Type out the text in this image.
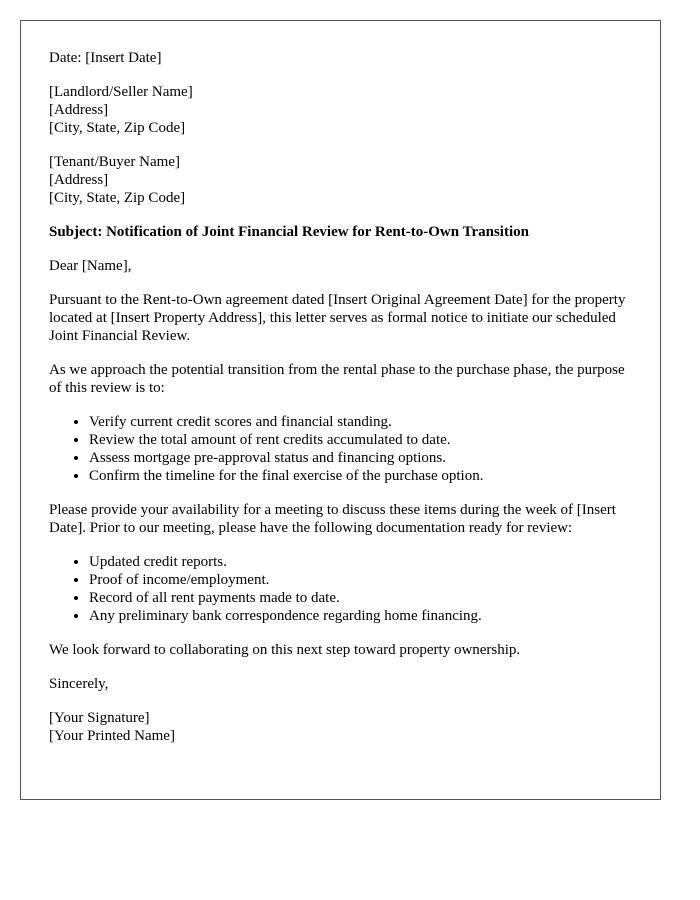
Date: [Insert Date]

[Landlord/Seller Name]
[Address]
[City, State, Zip Code]

[Tenant/Buyer Name]
[Address]
[City, State, Zip Code]

Subject: Notification of Joint Financial Review for Rent-to-Own Transition

Dear [Name],

Pursuant to the Rent-to-Own agreement dated [Insert Original Agreement Date] for the property located at [Insert Property Address], this letter serves as formal notice to initiate our scheduled Joint Financial Review.

As we approach the potential transition from the rental phase to the purchase phase, the purpose of this review is to:

• Verify current credit scores and financial standing.
• Review the total amount of rent credits accumulated to date.
• Assess mortgage pre-approval status and financing options.
• Confirm the timeline for the final exercise of the purchase option.

Please provide your availability for a meeting to discuss these items during the week of [Insert Date]. Prior to our meeting, please have the following documentation ready for review:

• Updated credit reports.
• Proof of income/employment.
• Record of all rent payments made to date.
• Any preliminary bank correspondence regarding home financing.

We look forward to collaborating on this next step toward property ownership.

Sincerely,

[Your Signature]
[Your Printed Name]
